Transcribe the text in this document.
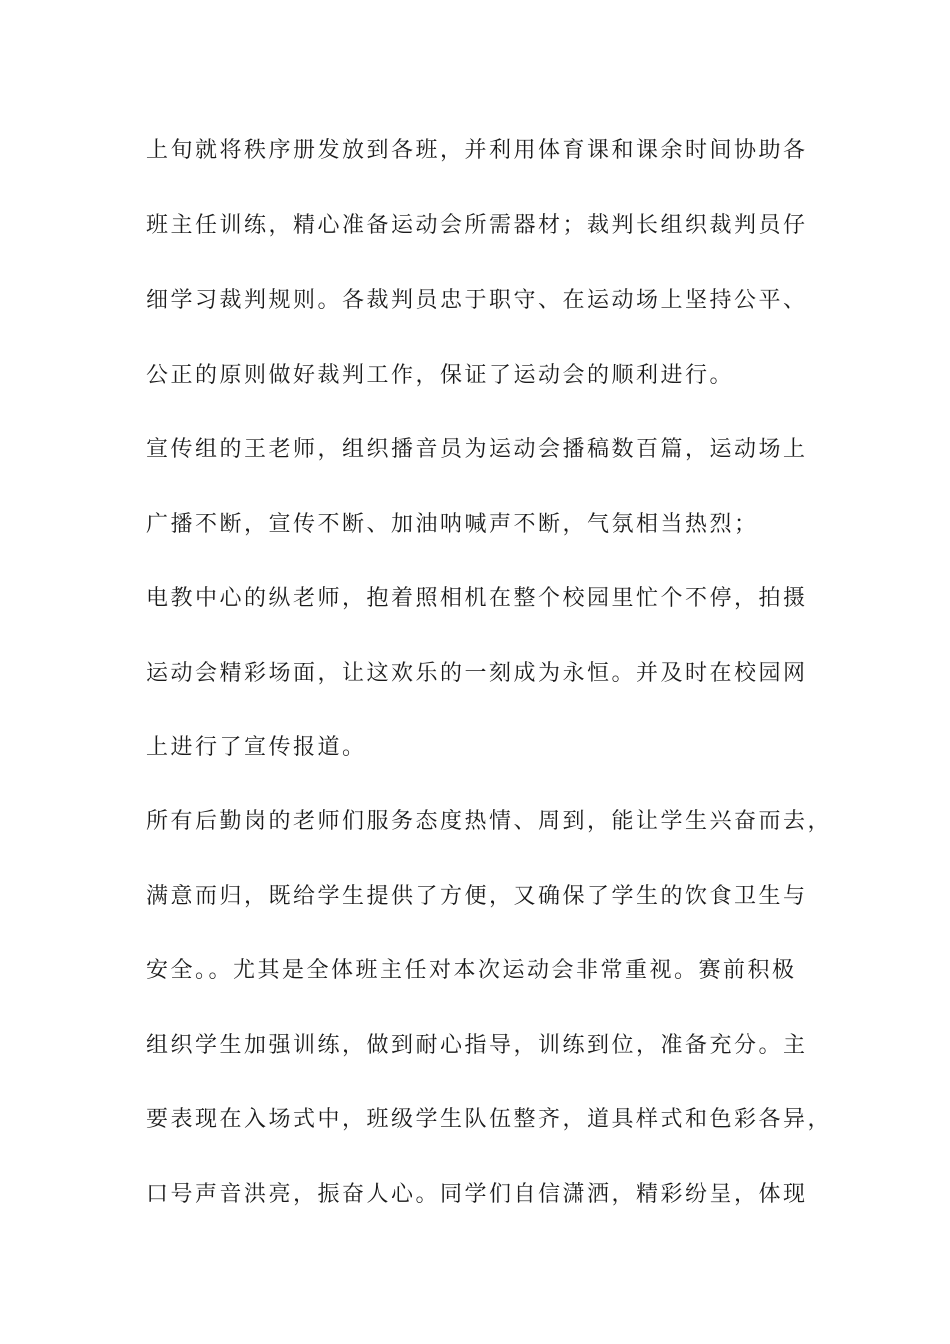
上旬就将秩序册发放到各班，并利用体育课和课余时间协助各
班主任训练，精心准备运动会所需器材；裁判长组织裁判员仔
细学习裁判规则。各裁判员忠于职守、在运动场上坚持公平、
公正的原则做好裁判工作，保证了运动会的顺利进行。
宣传组的王老师，组织播音员为运动会播稿数百篇，运动场上
广播不断，宣传不断、加油呐喊声不断，气氛相当热烈；
电教中心的纵老师，抱着照相机在整个校园里忙个不停，拍摄
运动会精彩场面，让这欢乐的一刻成为永恒。并及时在校园网
上进行了宣传报道。
所有后勤岗的老师们服务态度热情、周到，能让学生兴奋而去，
满意而归，既给学生提供了方便，又确保了学生的饮食卫生与
安全。。尤其是全体班主任对本次运动会非常重视。赛前积极
组织学生加强训练，做到耐心指导，训练到位，准备充分。主
要表现在入场式中，班级学生队伍整齐，道具样式和色彩各异，
口号声音洪亮，振奋人心。同学们自信潇洒，精彩纷呈，体现
